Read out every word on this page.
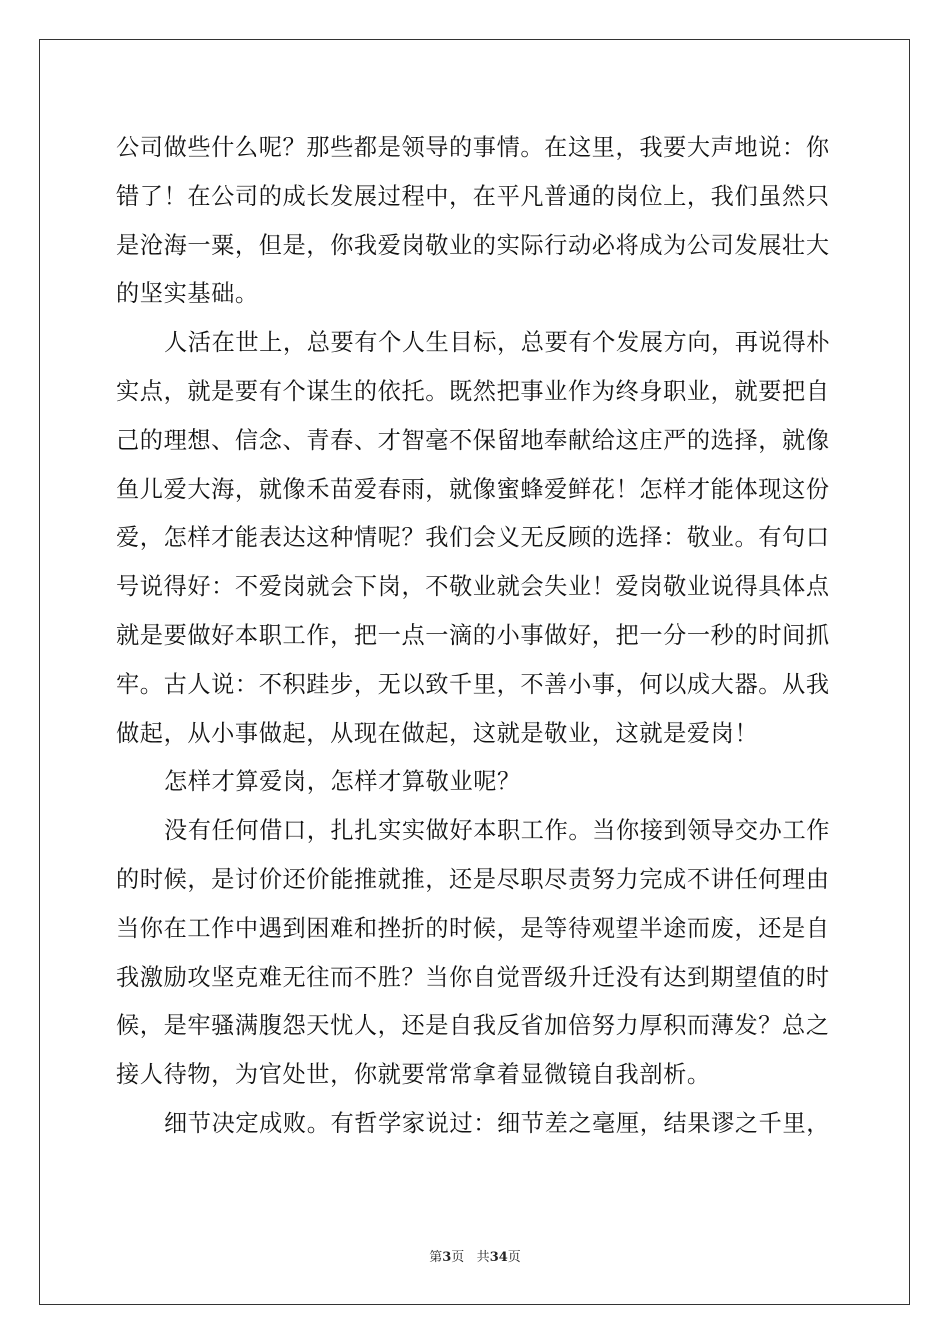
公司做些什么呢？那些都是领导的事情。在这里，我要大声地说：你
错了！在公司的成长发展过程中，在平凡普通的岗位上，我们虽然只
是沧海一粟，但是，你我爱岗敬业的实际行动必将成为公司发展壮大
的坚实基础。
人活在世上，总要有个人生目标，总要有个发展方向，再说得朴
实点，就是要有个谋生的依托。既然把事业作为终身职业，就要把自
己的理想、信念、青春、才智毫不保留地奉献给这庄严的选择，就像
鱼儿爱大海，就像禾苗爱春雨，就像蜜蜂爱鲜花！怎样才能体现这份
爱，怎样才能表达这种情呢？我们会义无反顾的选择：敬业。有句口
号说得好：不爱岗就会下岗，不敬业就会失业！爱岗敬业说得具体点
就是要做好本职工作，把一点一滴的小事做好，把一分一秒的时间抓
牢。古人说：不积跬步，无以致千里，不善小事，何以成大器。从我
做起，从小事做起，从现在做起，这就是敬业，这就是爱岗！
怎样才算爱岗，怎样才算敬业呢？
没有任何借口，扎扎实实做好本职工作。当你接到领导交办工作
的时候，是讨价还价能推就推，还是尽职尽责努力完成不讲任何理由
当你在工作中遇到困难和挫折的时候，是等待观望半途而废，还是自
我激励攻坚克难无往而不胜？当你自觉晋级升迁没有达到期望值的时
候，是牢骚满腹怨天忧人，还是自我反省加倍努力厚积而薄发？总之
接人待物，为官处世，你就要常常拿着显微镜自我剖析。
细节决定成败。有哲学家说过：细节差之毫厘，结果谬之千里，
第3页 共34页
